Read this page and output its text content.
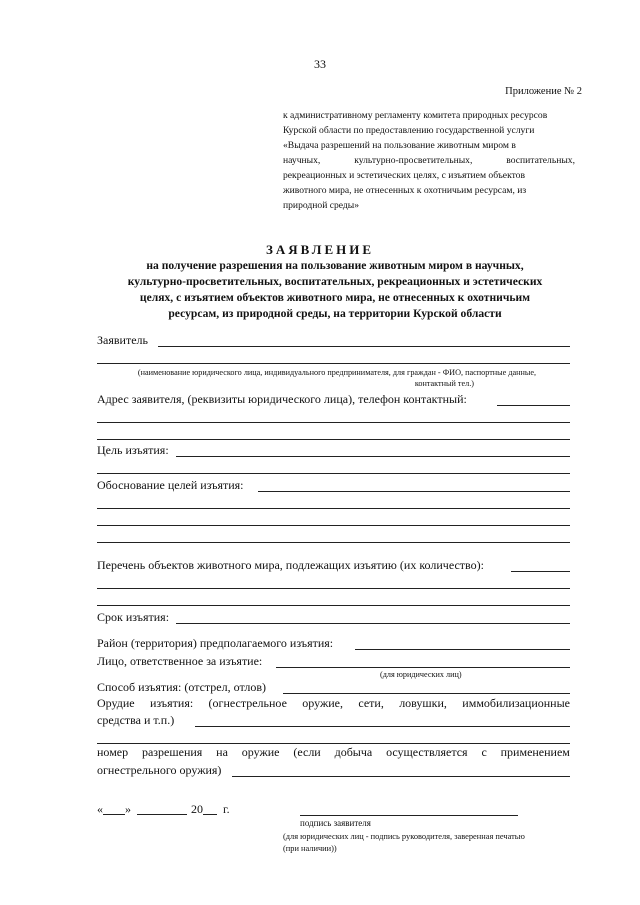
33
Приложение № 2
к административному регламенту комитета природных ресурсов
Курской области по предоставлению государственной услуги
«Выдача разрешений на пользование животным миром в
научных,	культурно-просветительных,	воспитательных,
рекреационных и эстетических целях, с изъятием объектов
животного мира, не отнесенных к охотничьим ресурсам, из
природной среды»
ЗАЯВЛЕНИЕ
на получение разрешения на пользование животным миром в научных,
культурно-просветительных, воспитательных, рекреационных и эстетических
целях, с изъятием объектов животного мира, не отнесенных к охотничьим
ресурсам, из природной среды, на территории Курской области
Заявитель
(наименование юридического лица, индивидуального предпринимателя, для граждан - ФИО, паспортные данные,
контактный тел.)
Адрес заявителя, (реквизиты юридического лица), телефон контактный:
Цель изъятия:
Обоснование целей изъятия:
Перечень объектов животного мира, подлежащих изъятию (их количество):
Срок изъятия:
Район (территория) предполагаемого изъятия:
Лицо, ответственное за изъятие:
(для юридических лиц)
Способ изъятия: (отстрел, отлов)
Орудие изъятия: (огнестрельное оружие, сети, ловушки, иммобилизационные
средства и т.п.)
номер разрешения на оружие (если добыча осуществляется с применением
огнестрельного оружия)
« »	20 г.
подпись заявителя
(для юридических лиц - подпись руководителя, заверенная печатью
(при наличии))
